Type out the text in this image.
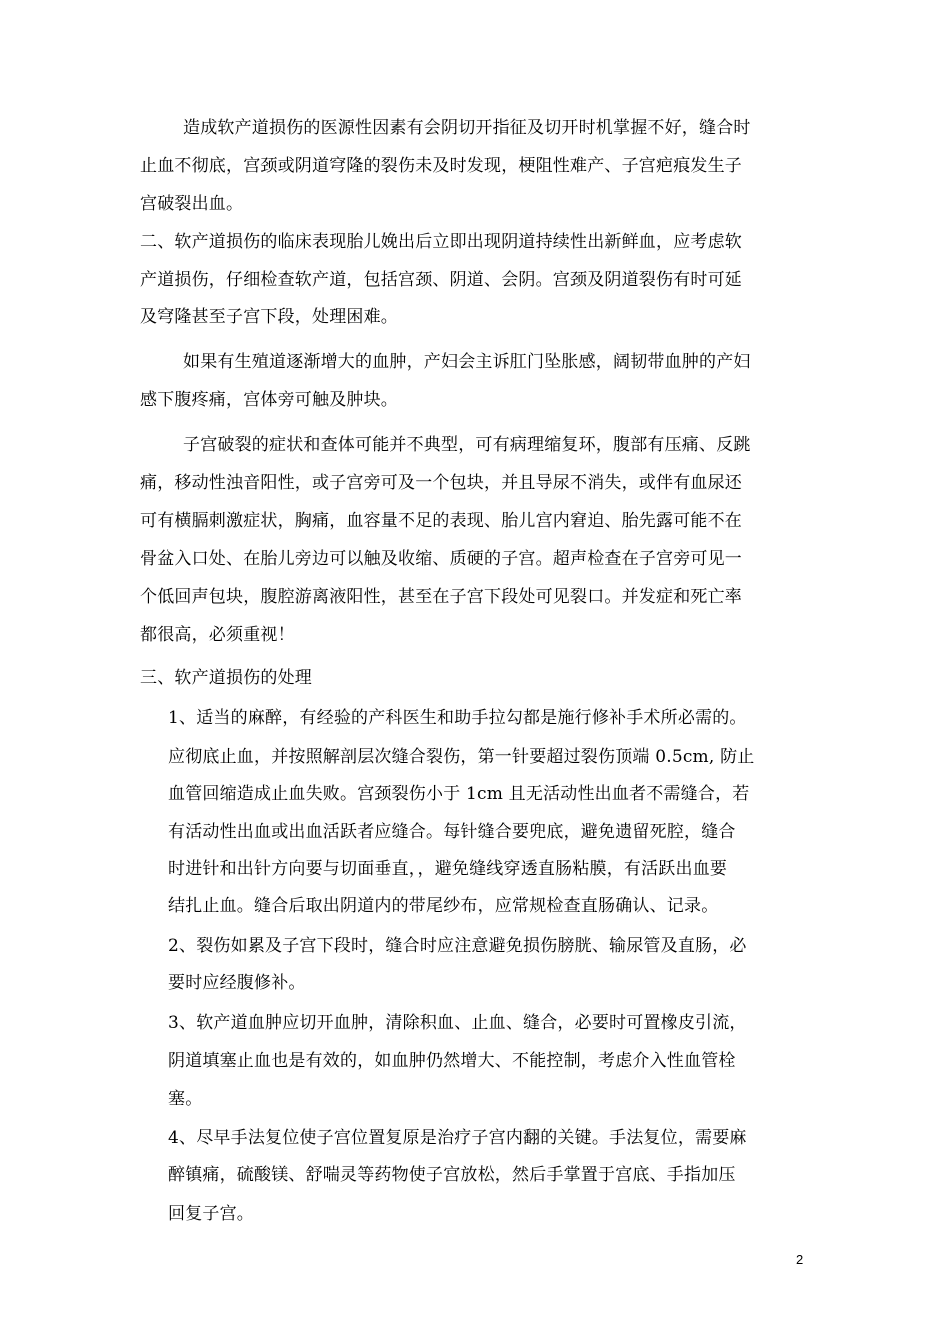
造成软产道损伤的医源性因素有会阴切开指征及切开时机掌握不好，缝合时
止血不彻底，宫颈或阴道穹隆的裂伤未及时发现，梗阻性难产、子宫疤痕发生子
宫破裂出血。
二、软产道损伤的临床表现胎儿娩出后立即出现阴道持续性出新鲜血，应考虑软
产道损伤，仔细检查软产道，包括宫颈、阴道、会阴。宫颈及阴道裂伤有时可延
及穹隆甚至子宫下段，处理困难。
如果有生殖道逐渐增大的血肿，产妇会主诉肛门坠胀感，阔韧带血肿的产妇
感下腹疼痛，宫体旁可触及肿块。
子宫破裂的症状和查体可能并不典型，可有病理缩复环，腹部有压痛、反跳
痛，移动性浊音阳性，或子宫旁可及一个包块，并且导尿不消失，或伴有血尿还
可有横膈刺激症状，胸痛，血容量不足的表现、胎儿宫内窘迫、胎先露可能不在
骨盆入口处、在胎儿旁边可以触及收缩、质硬的子宫。超声检查在子宫旁可见一
个低回声包块，腹腔游离液阳性，甚至在子宫下段处可见裂口。并发症和死亡率
都很高，必须重视！
三、软产道损伤的处理
1、适当的麻醉，有经验的产科医生和助手拉勾都是施行修补手术所必需的。
应彻底止血，并按照解剖层次缝合裂伤，第一针要超过裂伤顶端 0.5cm, 防止
血管回缩造成止血失败。宫颈裂伤小于 1cm 且无活动性出血者不需缝合，若
有活动性出血或出血活跃者应缝合。每针缝合要兜底，避免遗留死腔，缝合
时进针和出针方向要与切面垂直，，避免缝线穿透直肠粘膜，有活跃出血要
结扎止血。缝合后取出阴道内的带尾纱布，应常规检查直肠确认、记录。
2、裂伤如累及子宫下段时，缝合时应注意避免损伤膀胱、输尿管及直肠，必
要时应经腹修补。
3、软产道血肿应切开血肿，清除积血、止血、缝合，必要时可置橡皮引流，
阴道填塞止血也是有效的，如血肿仍然增大、不能控制，考虑介入性血管栓
塞。
4、尽早手法复位使子宫位置复原是治疗子宫内翻的关键。手法复位，需要麻
醉镇痛，硫酸镁、舒喘灵等药物使子宫放松，然后手掌置于宫底、手指加压
回复子宫。
2
